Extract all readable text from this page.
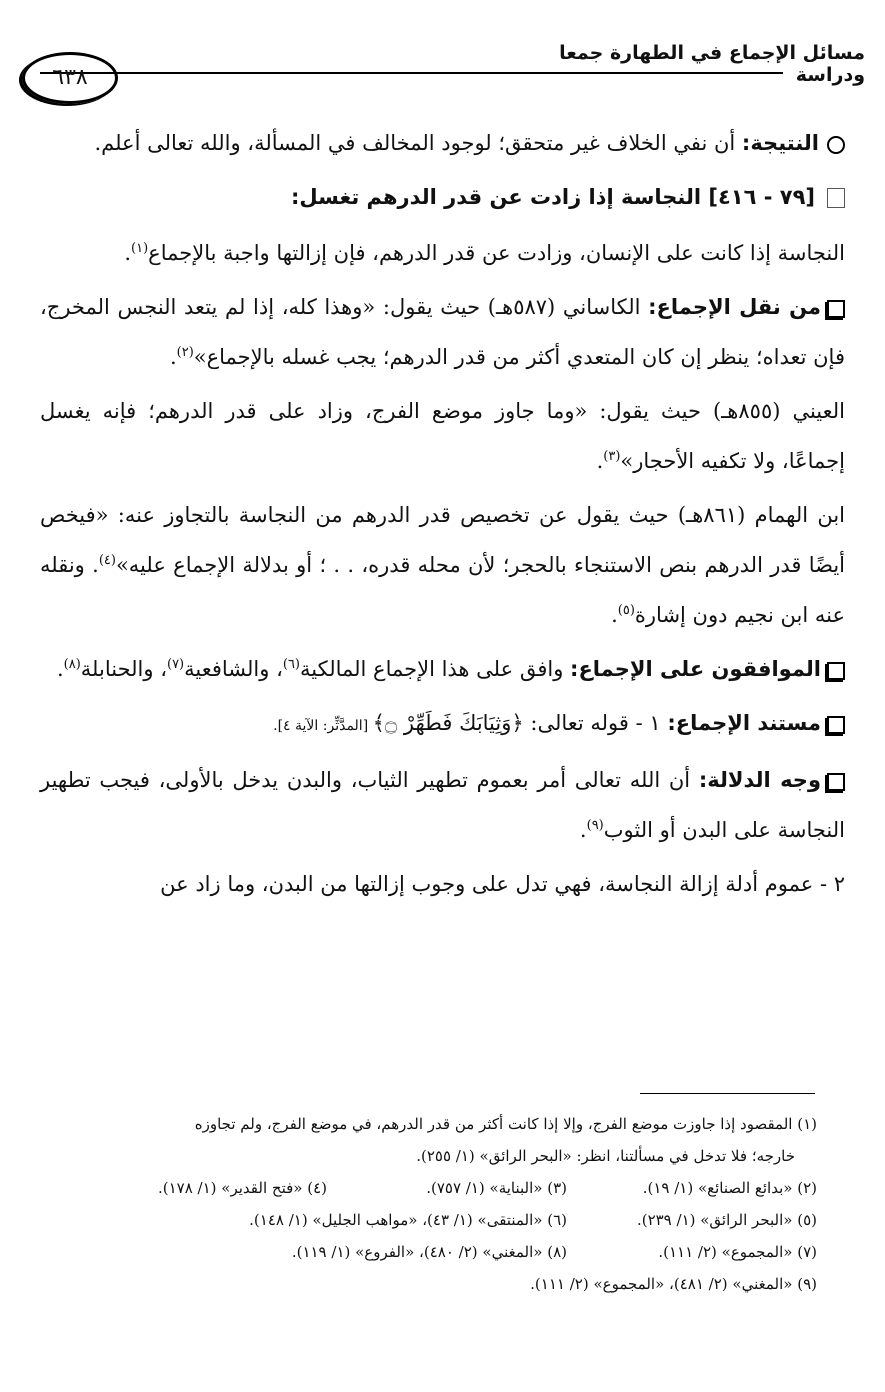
مسائل الإجماع في الطهارة جمعا ودراسة
٦٣٨

النتيجة: أن نفي الخلاف غير متحقق؛ لوجود المخالف في المسألة، والله تعالى أعلم.

[٧٩ - ٤١٦] النجاسة إذا زادت عن قدر الدرهم تغسل:

النجاسة إذا كانت على الإنسان، وزادت عن قدر الدرهم، فإن إزالتها واجبة بالإجماع$^{(١)}$.

من نقل الإجماع: الكاساني (٥٨٧هـ) حيث يقول: «وهذا كله، إذا لم يتعد النجس المخرج، فإن تعداه؛ ينظر إن كان المتعدي أكثر من قدر الدرهم؛ يجب غسله بالإجماع»$^{(٢)}$.

العيني (٨٥٥هـ) حيث يقول: «وما جاوز موضع الفرج، وزاد على قدر الدرهم؛ فإنه يغسل إجماعًا، ولا تكفيه الأحجار»$^{(٣)}$.

ابن الهمام (٨٦١هـ) حيث يقول عن تخصيص قدر الدرهم من النجاسة بالتجاوز عنه: «فيخص أيضًا قدر الدرهم بنص الاستنجاء بالحجر؛ لأن محله قدره، . . ؛ أو بدلالة الإجماع عليه»$^{(٤)}$. ونقله عنه ابن نجيم دون إشارة$^{(٥)}$.

الموافقون على الإجماع: وافق على هذا الإجماع المالكية$^{(٦)}$، والشافعية$^{(٧)}$، والحنابلة$^{(٨)}$.

مستند الإجماع: ١ - قوله تعالى: ﴿وَثِيَابَكَ فَطَهِّرْ ۝﴾ [المدَّثِّر: الآية ٤].

وجه الدلالة: أن الله تعالى أمر بعموم تطهير الثياب، والبدن يدخل بالأولى، فيجب تطهير النجاسة على البدن أو الثوب$^{(٩)}$.

٢ - عموم أدلة إزالة النجاسة، فهي تدل على وجوب إزالتها من البدن، وما زاد عن

(١) المقصود إذا جاوزت موضع الفرج، وإلا إذا كانت أكثر من قدر الدرهم، في موضع الفرج، ولم تجاوزه

خارجه؛ فلا تدخل في مسألتنا، انظر: «البحر الرائق» (١/ ٢٥٥).

(٢) «بدائع الصنائع» (١/ ١٩).
(٣) «البناية» (١/ ٧٥٧).
(٤) «فتح القدير» (١/ ١٧٨).
(٥) «البحر الرائق» (١/ ٢٣٩).
(٦) «المنتقى» (١/ ٤٣)، «مواهب الجليل» (١/ ١٤٨).
(٧) «المجموع» (٢/ ١١١).
(٨) «المغني» (٢/ ٤٨٠)، «الفروع» (١/ ١١٩).

(٩) «المغني» (٢/ ٤٨١)، «المجموع» (٢/ ١١١).
